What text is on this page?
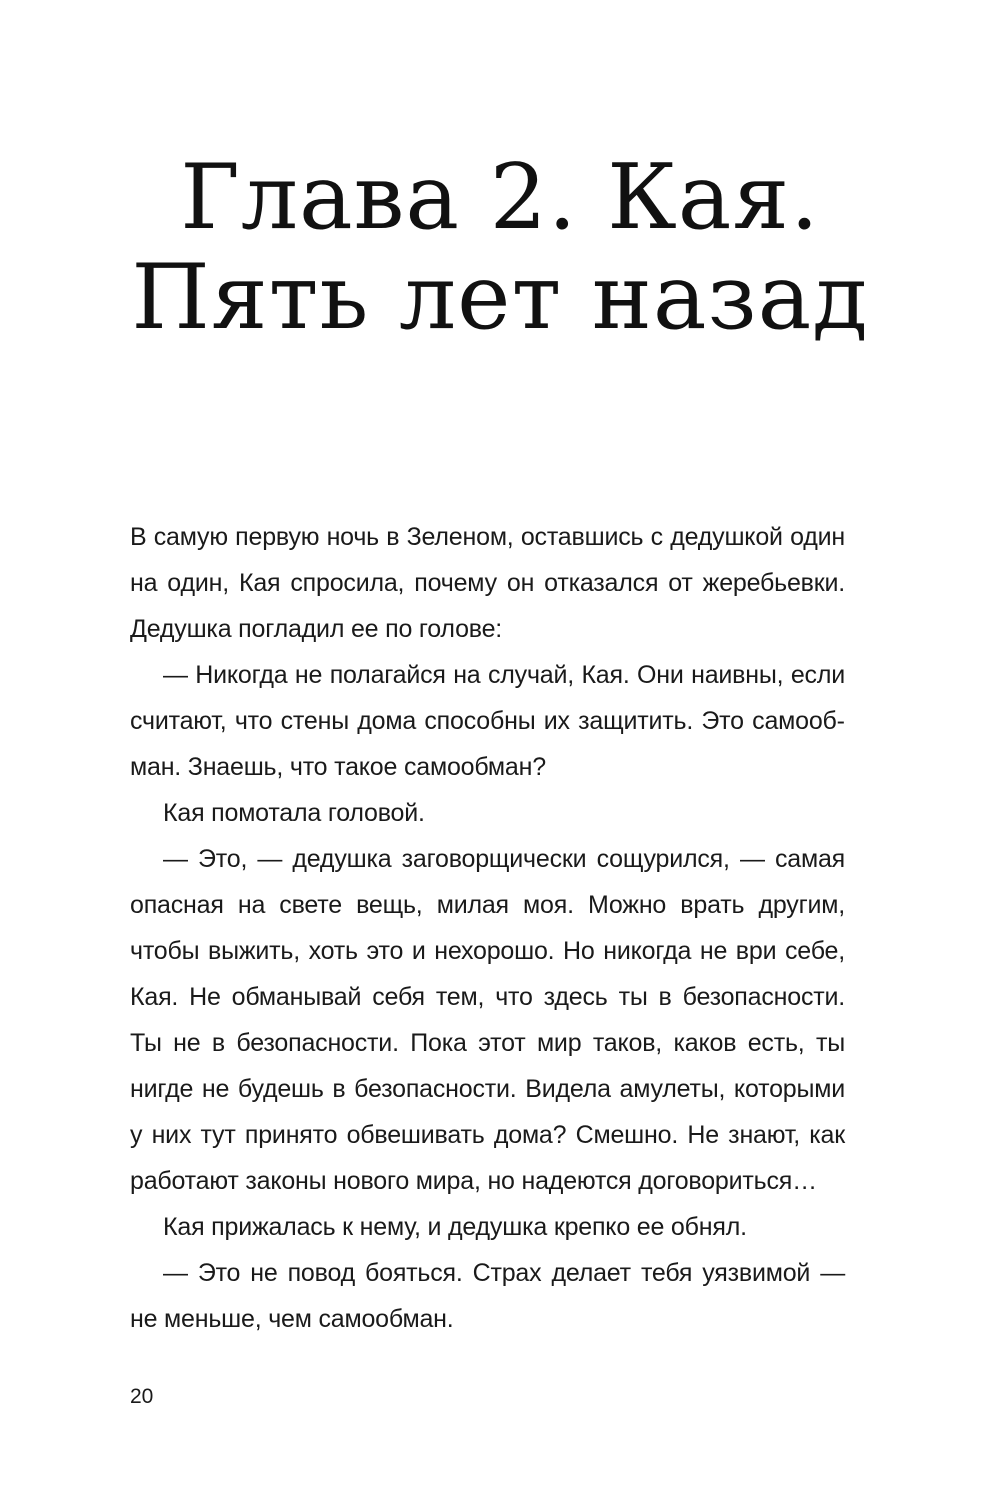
Глава 2. Кая.
Пять лет назад

В самую первую ночь в Зеленом, оставшись с дедушкой один на один, Кая спросила, почему он отказался от жеребьевки. Дедушка погладил ее по голове:

— Никогда не полагайся на случай, Кая. Они наивны, если считают, что стены дома способны их защитить. Это самообман. Знаешь, что такое самообман?

Кая помотала головой.

— Это, — дедушка заговорщически сощурился, — самая опасная на свете вещь, милая моя. Можно врать другим, чтобы выжить, хоть это и нехорошо. Но никогда не ври себе, Кая. Не обманывай себя тем, что здесь ты в безопасности. Ты не в безопасности. Пока этот мир таков, каков есть, ты нигде не будешь в безопасности. Видела амулеты, которыми у них тут принято обвешивать дома? Смешно. Не знают, как работают законы нового мира, но надеются договориться…

Кая прижалась к нему, и дедушка крепко ее обнял.

— Это не повод бояться. Страх делает тебя уязвимой — не меньше, чем самообман.

20
